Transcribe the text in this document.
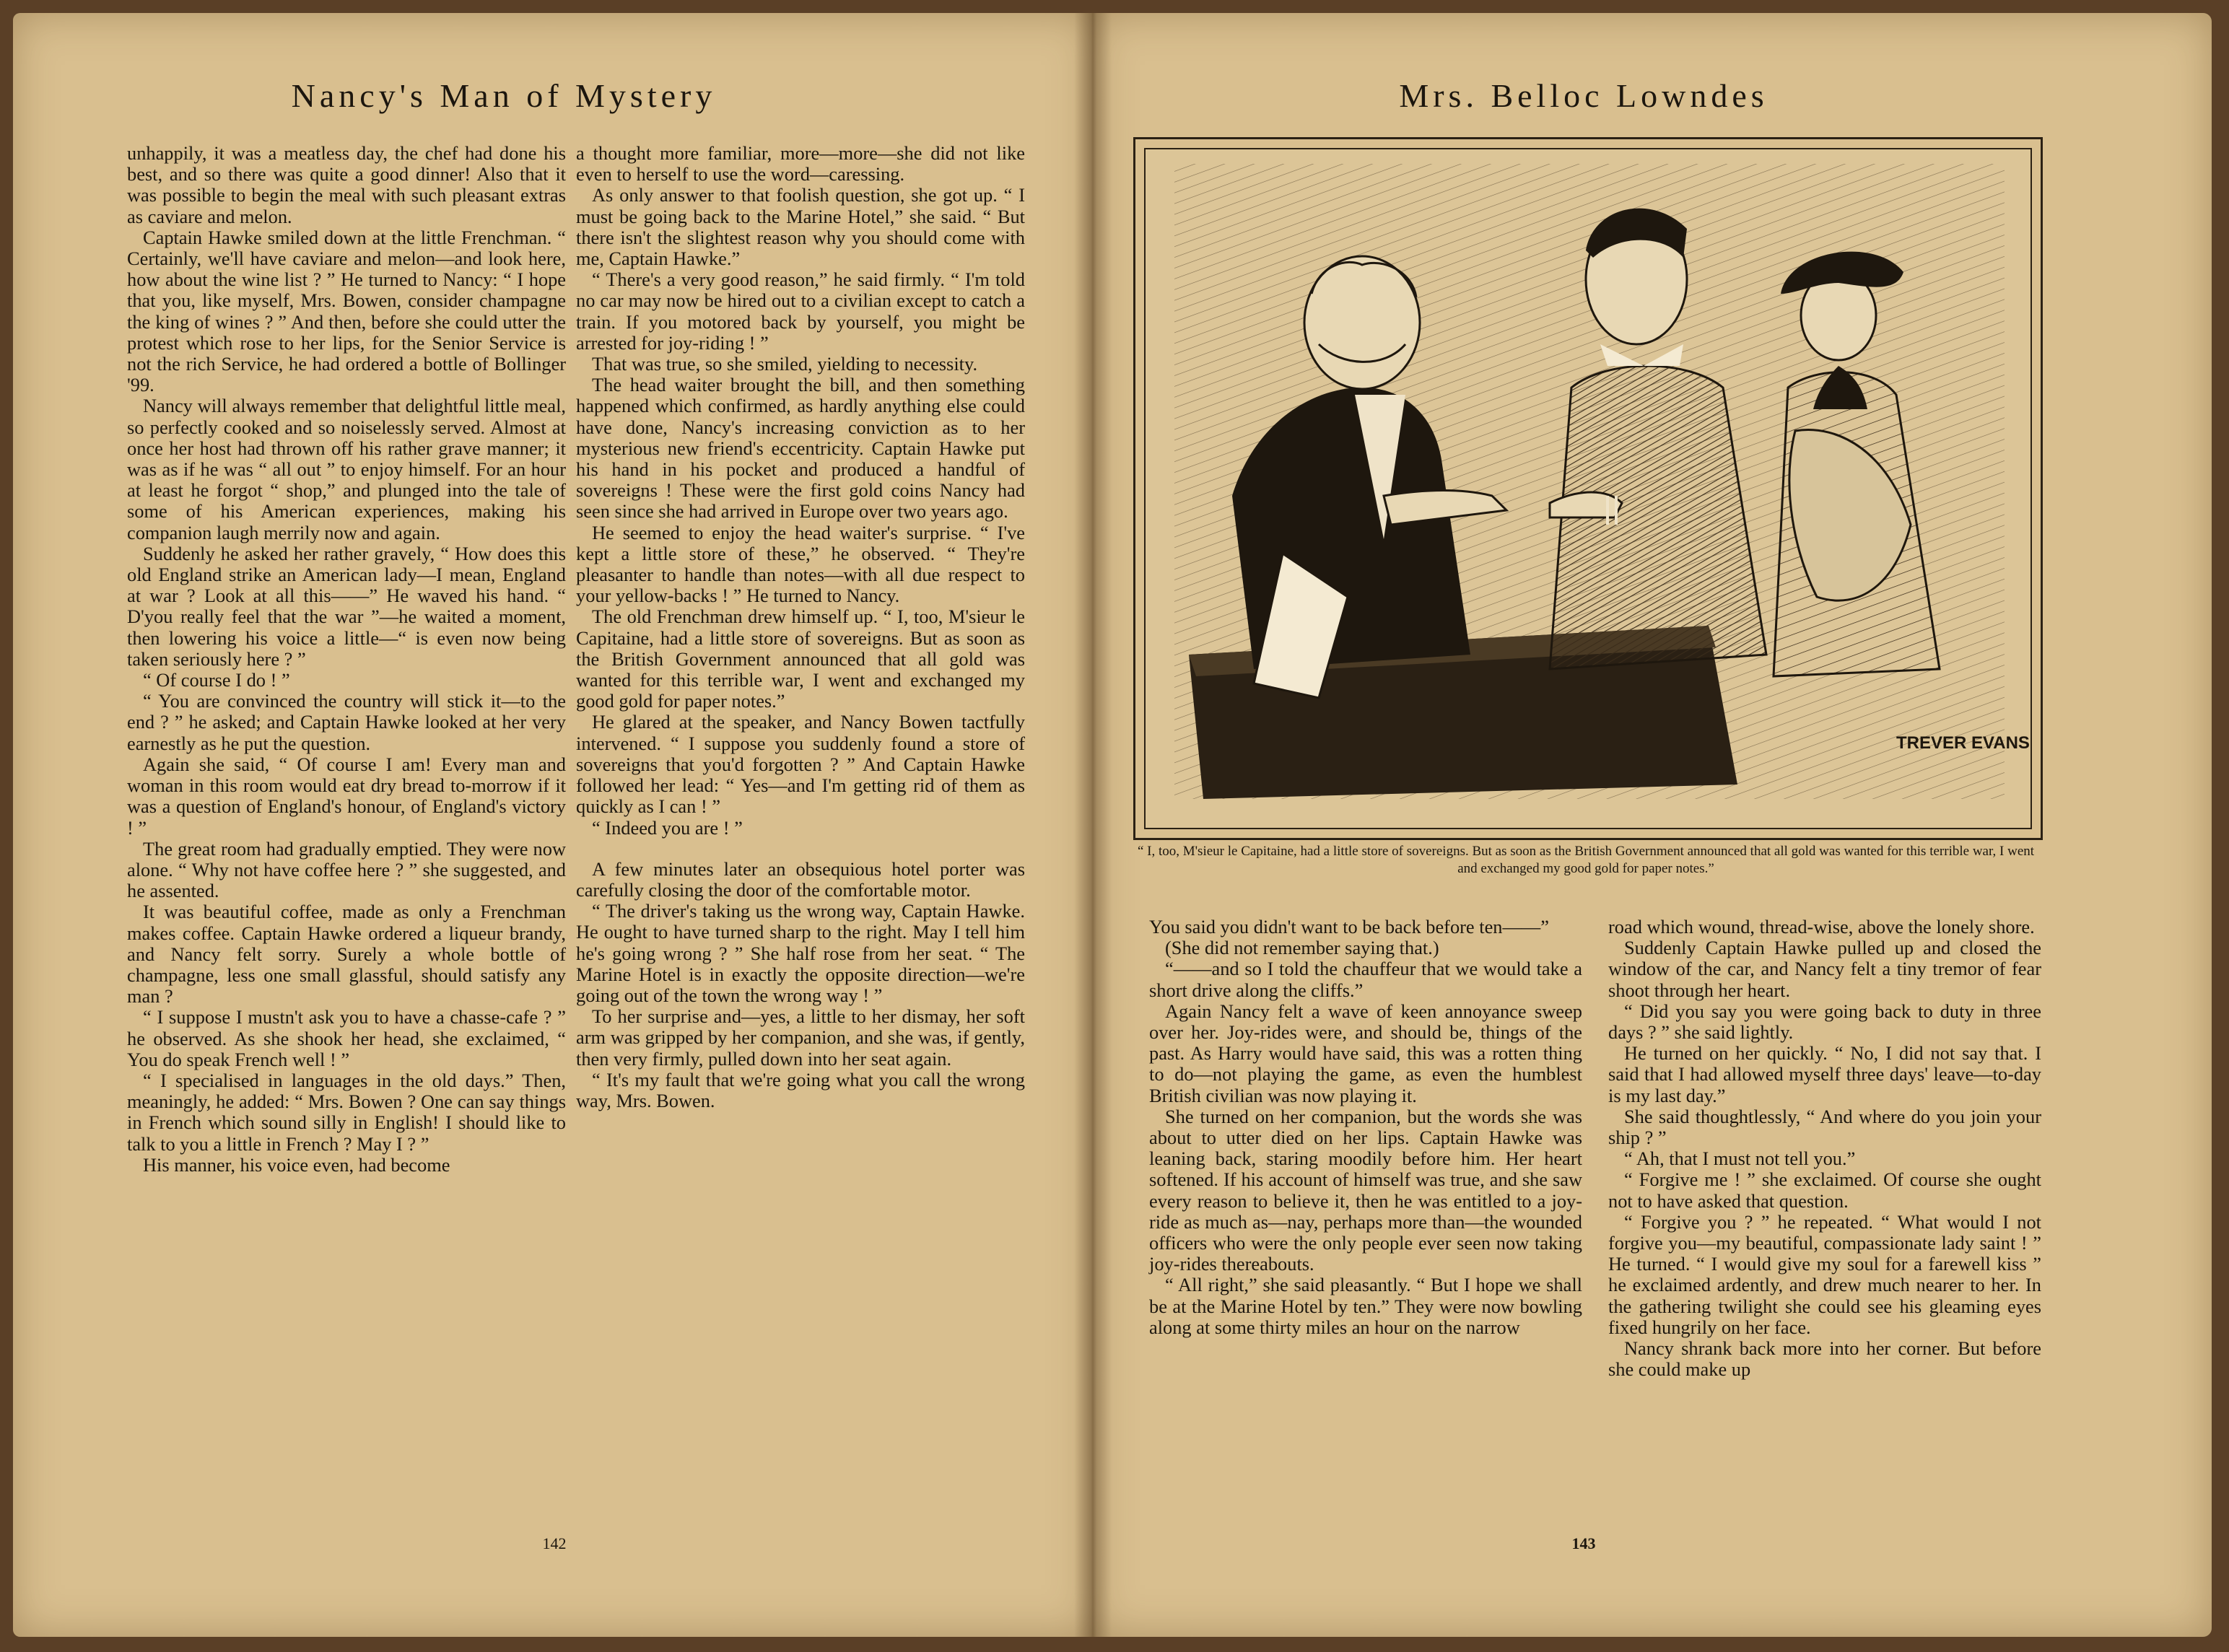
Nancy's Man of Mystery

unhappily, it was a meatless day, the chef had done his best, and so there was quite a good dinner! Also that it was possible to begin the meal with such pleasant extras as caviare and melon.

Captain Hawke smiled down at the little Frenchman. “ Certainly, we'll have caviare and melon—and look here, how about the wine list ? ” He turned to Nancy: “ I hope that you, like myself, Mrs. Bowen, consider champagne the king of wines ? ” And then, before she could utter the protest which rose to her lips, for the Senior Service is not the rich Service, he had ordered a bottle of Bollinger '99.

Nancy will always remember that delightful little meal, so perfectly cooked and so noiselessly served. Almost at once her host had thrown off his rather grave manner; it was as if he was “ all out ” to enjoy himself. For an hour at least he forgot “ shop,” and plunged into the tale of some of his American experiences, making his companion laugh merrily now and again.

Suddenly he asked her rather gravely, “ How does this old England strike an American lady—I mean, England at war ? Look at all this——” He waved his hand. “ D'you really feel that the war ”—he waited a moment, then lowering his voice a little—“ is even now being taken seriously here ? ”

“ Of course I do ! ”

“ You are convinced the country will stick it—to the end ? ” he asked; and Captain Hawke looked at her very earnestly as he put the question.

Again she said, “ Of course I am! Every man and woman in this room would eat dry bread to-morrow if it was a question of England's honour, of England's victory ! ”

The great room had gradually emptied. They were now alone. “ Why not have coffee here ? ” she suggested, and he assented.

It was beautiful coffee, made as only a Frenchman makes coffee. Captain Hawke ordered a liqueur brandy, and Nancy felt sorry. Surely a whole bottle of champagne, less one small glassful, should satisfy any man ?

“ I suppose I mustn't ask you to have a chasse-cafe ? ” he observed. As she shook her head, she exclaimed, “ You do speak French well ! ”

“ I specialised in languages in the old days.” Then, meaningly, he added: “ Mrs. Bowen ? One can say things in French which sound silly in English! I should like to talk to you a little in French ? May I ? ”

His manner, his voice even, had become

a thought more familiar, more—more—she did not like even to herself to use the word—caressing.

As only answer to that foolish question, she got up. “ I must be going back to the Marine Hotel,” she said. “ But there isn't the slightest reason why you should come with me, Captain Hawke.”

“ There's a very good reason,” he said firmly. “ I'm told no car may now be hired out to a civilian except to catch a train. If you motored back by yourself, you might be arrested for joy-riding ! ”

That was true, so she smiled, yielding to necessity.

The head waiter brought the bill, and then something happened which confirmed, as hardly anything else could have done, Nancy's increasing conviction as to her mysterious new friend's eccentricity. Captain Hawke put his hand in his pocket and produced a handful of sovereigns ! These were the first gold coins Nancy had seen since she had arrived in Europe over two years ago.

He seemed to enjoy the head waiter's surprise. “ I've kept a little store of these,” he observed. “ They're pleasanter to handle than notes—with all due respect to your yellow-backs ! ” He turned to Nancy.

The old Frenchman drew himself up. “ I, too, M'sieur le Capitaine, had a little store of sovereigns. But as soon as the British Government announced that all gold was wanted for this terrible war, I went and exchanged my good gold for paper notes.”

He glared at the speaker, and Nancy Bowen tactfully intervened. “ I suppose you suddenly found a store of sovereigns that you'd forgotten ? ” And Captain Hawke followed her lead: “ Yes—and I'm getting rid of them as quickly as I can ! ”

“ Indeed you are ! ”

A few minutes later an obsequious hotel porter was carefully closing the door of the comfortable motor.

“ The driver's taking us the wrong way, Captain Hawke. He ought to have turned sharp to the right. May I tell him he's going wrong ? ” She half rose from her seat. “ The Marine Hotel is in exactly the opposite direction—we're going out of the town the wrong way ! ”

To her surprise and—yes, a little to her dismay, her soft arm was gripped by her companion, and she was, if gently, then very firmly, pulled down into her seat again.

“ It's my fault that we're going what you call the wrong way, Mrs. Bowen.

142
Mrs. Belloc Lowndes
TREVER EVANS
“ I, too, M'sieur le Capitaine, had a little store of sovereigns. But as soon as the British Government announced that all gold was wanted for this terrible war, I went and exchanged my good gold for paper notes.”

You said you didn't want to be back before ten——”

(She did not remember saying that.)

“——and so I told the chauffeur that we would take a short drive along the cliffs.”

Again Nancy felt a wave of keen annoyance sweep over her. Joy-rides were, and should be, things of the past. As Harry would have said, this was a rotten thing to do—not playing the game, as even the humblest British civilian was now playing it.

She turned on her companion, but the words she was about to utter died on her lips. Captain Hawke was leaning back, staring moodily before him. Her heart softened. If his account of himself was true, and she saw every reason to believe it, then he was entitled to a joy-ride as much as—nay, perhaps more than—the wounded officers who were the only people ever seen now taking joy-rides thereabouts.

“ All right,” she said pleasantly. “ But I hope we shall be at the Marine Hotel by ten.” They were now bowling along at some thirty miles an hour on the narrow

road which wound, thread-wise, above the lonely shore.

Suddenly Captain Hawke pulled up and closed the window of the car, and Nancy felt a tiny tremor of fear shoot through her heart.

“ Did you say you were going back to duty in three days ? ” she said lightly.

He turned on her quickly. “ No, I did not say that. I said that I had allowed myself three days' leave—to-day is my last day.”

She said thoughtlessly, “ And where do you join your ship ? ”

“ Ah, that I must not tell you.”

“ Forgive me ! ” she exclaimed. Of course she ought not to have asked that question.

“ Forgive you ? ” he repeated. “ What would I not forgive you—my beautiful, compassionate lady saint ! ” He turned. “ I would give my soul for a farewell kiss ” he exclaimed ardently, and drew much nearer to her. In the gathering twilight she could see his gleaming eyes fixed hungrily on her face.

Nancy shrank back more into her corner. But before she could make up

143
